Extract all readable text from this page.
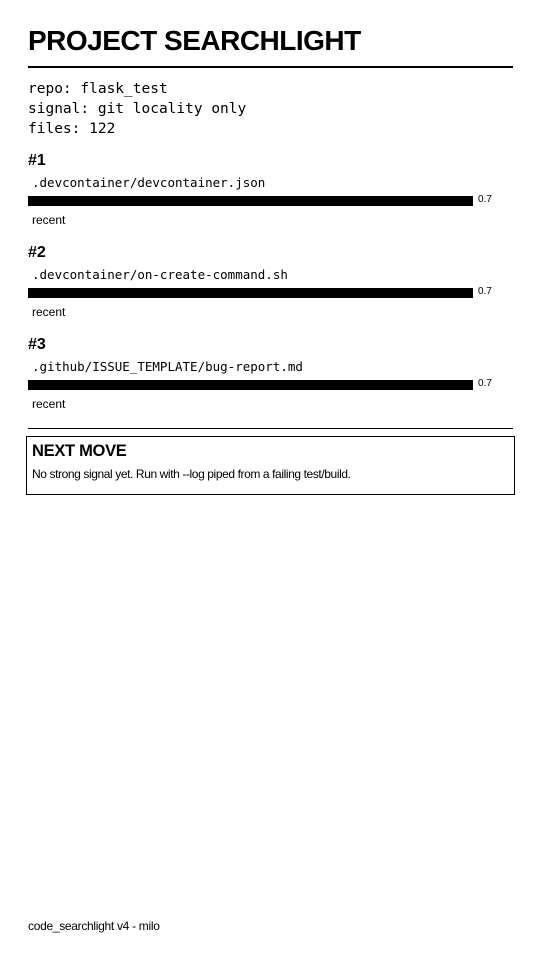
PROJECT SEARCHLIGHT
repo: flask_test
signal: git locality only
files: 122
#1
.devcontainer/devcontainer.json
0.7
recent
#2
.devcontainer/on-create-command.sh
0.7
recent
#3
.github/ISSUE_TEMPLATE/bug-report.md
0.7
recent
NEXT MOVE
No strong signal yet. Run with --log piped from a failing test/build.
code_searchlight v4 - milo
